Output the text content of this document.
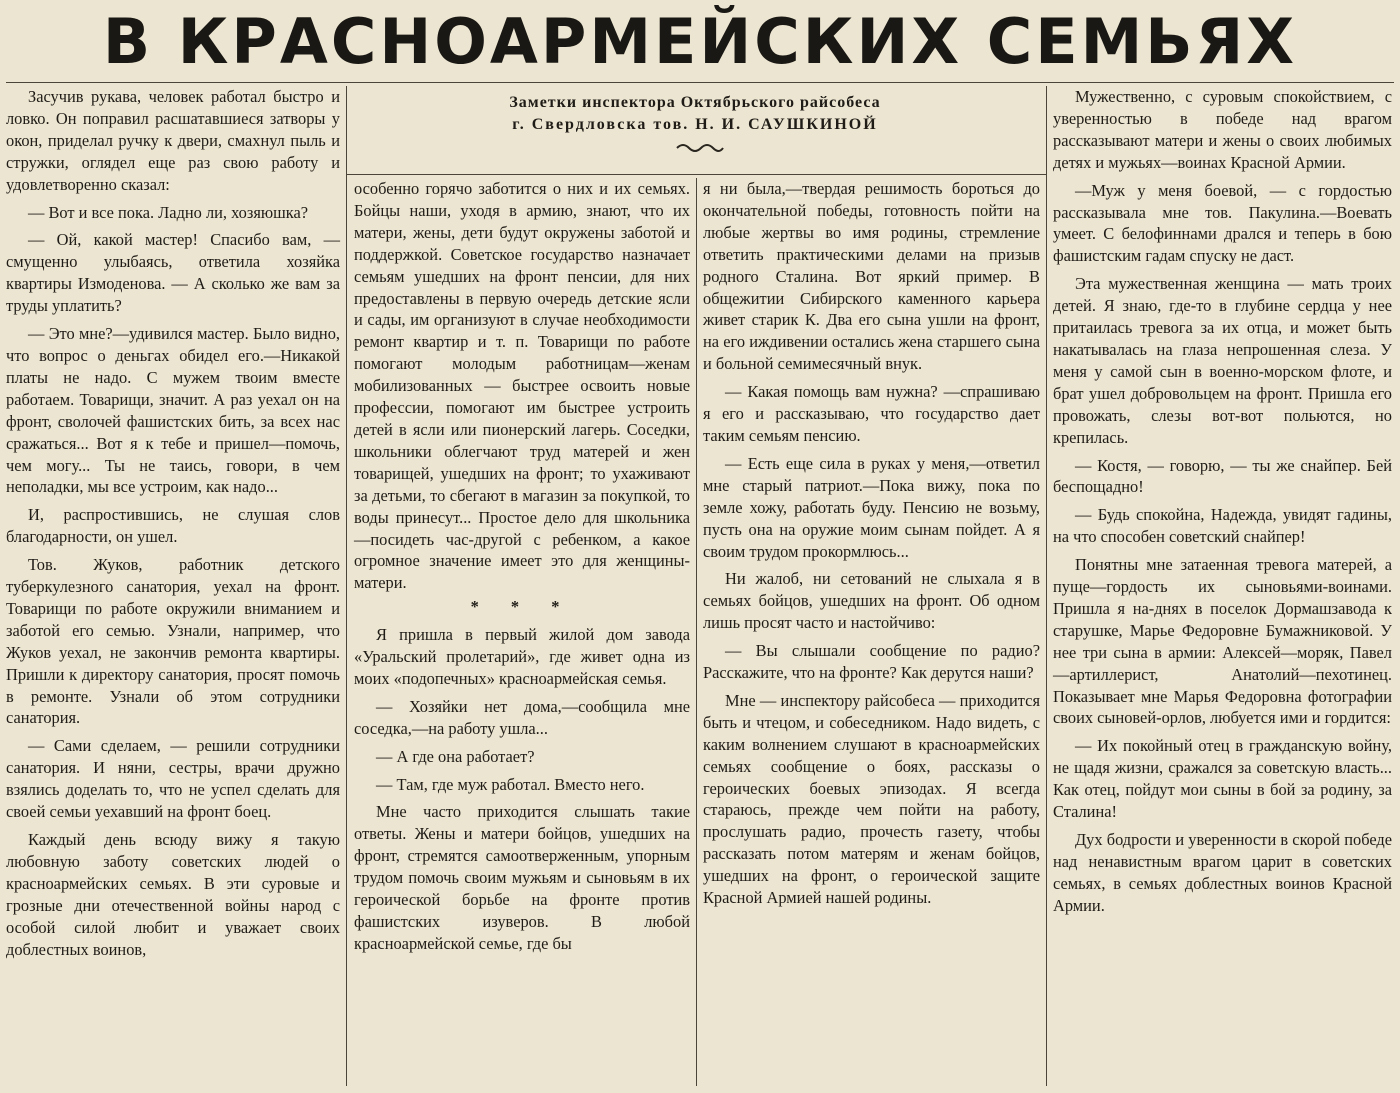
В КРАСНОАРМЕЙСКИХ СЕМЬЯХ
Заметки инспектора Октябрьского райсобеса
г. Свердловска тов. Н. И. САУШКИНОЙ

Засучив рукава, человек работал быстро и ловко. Он поправил расшатавшиеся затворы у окон, приделал ручку к двери, смахнул пыль и стружки, оглядел еще раз свою работу и удовлетворенно сказал:

— Вот и все пока. Ладно ли, хозяюшка?

— Ой, какой мастер! Спасибо вам, —смущенно улыбаясь, ответила хозяйка квартиры Измоденова. — А сколько же вам за труды уплатить?

— Это мне?—удивился мастер. Было видно, что вопрос о деньгах обидел его.—Никакой платы не надо. С мужем твоим вместе работаем. Товарищи, значит. А раз уехал он на фронт, сволочей фашистских бить, за всех нас сражаться... Вот я к тебе и пришел—помочь, чем могу... Ты не таись, говори, в чем неполадки, мы все устроим, как надо...

И, распростившись, не слушая слов благодарности, он ушел.

Тов. Жуков, работник детского туберкулезного санатория, уехал на фронт. Товарищи по работе окружили вниманием и заботой его семью. Узнали, например, что Жуков уехал, не закончив ремонта квартиры. Пришли к директору санатория, просят помочь в ремонте. Узнали об этом сотрудники санатория.

— Сами сделаем, — решили сотрудники санатория. И няни, сестры, врачи дружно взялись доделать то, что не успел сделать для своей семьи уехавший на фронт боец.

Каждый день всюду вижу я такую любовную заботу советских людей о красноармейских семьях. В эти суровые и грозные дни отечественной войны народ с особой силой любит и уважает своих доблестных воинов,

особенно горячо заботится о них и их семьях. Бойцы наши, уходя в армию, знают, что их матери, жены, дети будут окружены заботой и поддержкой. Советское государство назначает семьям ушедших на фронт пенсии, для них предоставлены в первую очередь детские ясли и сады, им организуют в случае необходимости ремонт квартир и т. п. Товарищи по работе помогают молодым работницам—женам мобилизованных — быстрее освоить новые профессии, помогают им быстрее устроить детей в ясли или пионерский лагерь. Соседки, школьники облегчают труд матерей и жен товарищей, ушедших на фронт; то ухаживают за детьми, то сбегают в магазин за покупкой, то воды принесут... Простое дело для школьника—посидеть час-другой с ребенком, а какое огромное значение имеет это для женщины-матери.

* * *

Я пришла в первый жилой дом завода «Уральский пролетарий», где живет одна из моих «подопечных» красноармейская семья.

— Хозяйки нет дома,—сообщила мне соседка,—на работу ушла...

— А где она работает?

— Там, где муж работал. Вместо него.

Мне часто приходится слышать такие ответы. Жены и матери бойцов, ушедших на фронт, стремятся самоотверженным, упорным трудом помочь своим мужьям и сыновьям в их героической борьбе на фронте против фашистских изуверов. В любой красноармейской семье, где бы

я ни была,—твердая решимость бороться до окончательной победы, готовность пойти на любые жертвы во имя родины, стремление ответить практическими делами на призыв родного Сталина. Вот яркий пример. В общежитии Сибирского каменного карьера живет старик К. Два его сына ушли на фронт, на его иждивении остались жена старшего сына и больной семимесячный внук.

— Какая помощь вам нужна? —спрашиваю я его и рассказываю, что государство дает таким семьям пенсию.

— Есть еще сила в руках у меня,—ответил мне старый патриот.—Пока вижу, пока по земле хожу, работать буду. Пенсию не возьму, пусть она на оружие моим сынам пойдет. А я своим трудом прокормлюсь...

Ни жалоб, ни сетований не слыхала я в семьях бойцов, ушедших на фронт. Об одном лишь просят часто и настойчиво:

— Вы слышали сообщение по радио? Расскажите, что на фронте? Как дерутся наши?

Мне — инспектору райсобеса — приходится быть и чтецом, и собеседником. Надо видеть, с каким волнением слушают в красноармейских семьях сообщение о боях, рассказы о героических боевых эпизодах. Я всегда стараюсь, прежде чем пойти на работу, прослушать радио, прочесть газету, чтобы рассказать потом матерям и женам бойцов, ушедших на фронт, о героической защите Красной Армией нашей родины.

Мужественно, с суровым спокойствием, с уверенностью в победе над врагом рассказывают матери и жены о своих любимых детях и мужьях—воинах Красной Армии.

—Муж у меня боевой, — с гордостью рассказывала мне тов. Пакулина.—Воевать умеет. С белофиннами дрался и теперь в бою фашистским гадам спуску не даст.

Эта мужественная женщина — мать троих детей. Я знаю, где-то в глубине сердца у нее притаилась тревога за их отца, и может быть накатывалась на глаза непрошенная слеза. У меня у самой сын в военно-морском флоте, и брат ушел добровольцем на фронт. Пришла его провожать, слезы вот-вот польются, но крепилась.

— Костя, — говорю, — ты же снайпер. Бей беспощадно!

— Будь спокойна, Надежда, увидят гадины, на что способен советский снайпер!

Понятны мне затаенная тревога матерей, а пуще—гордость их сыновьями-воинами. Пришла я на-днях в поселок Дормашзавода к старушке, Марье Федоровне Бумажниковой. У нее три сына в армии: Алексей—моряк, Павел—артиллерист, Анатолий—пехотинец. Показывает мне Марья Федоровна фотографии своих сыновей-орлов, любуется ими и гордится:

— Их покойный отец в гражданскую войну, не щадя жизни, сражался за советскую власть... Как отец, пойдут мои сыны в бой за родину, за Сталина!

Дух бодрости и уверенности в скорой победе над ненавистным врагом царит в советских семьях, в семьях доблестных воинов Красной Армии.
